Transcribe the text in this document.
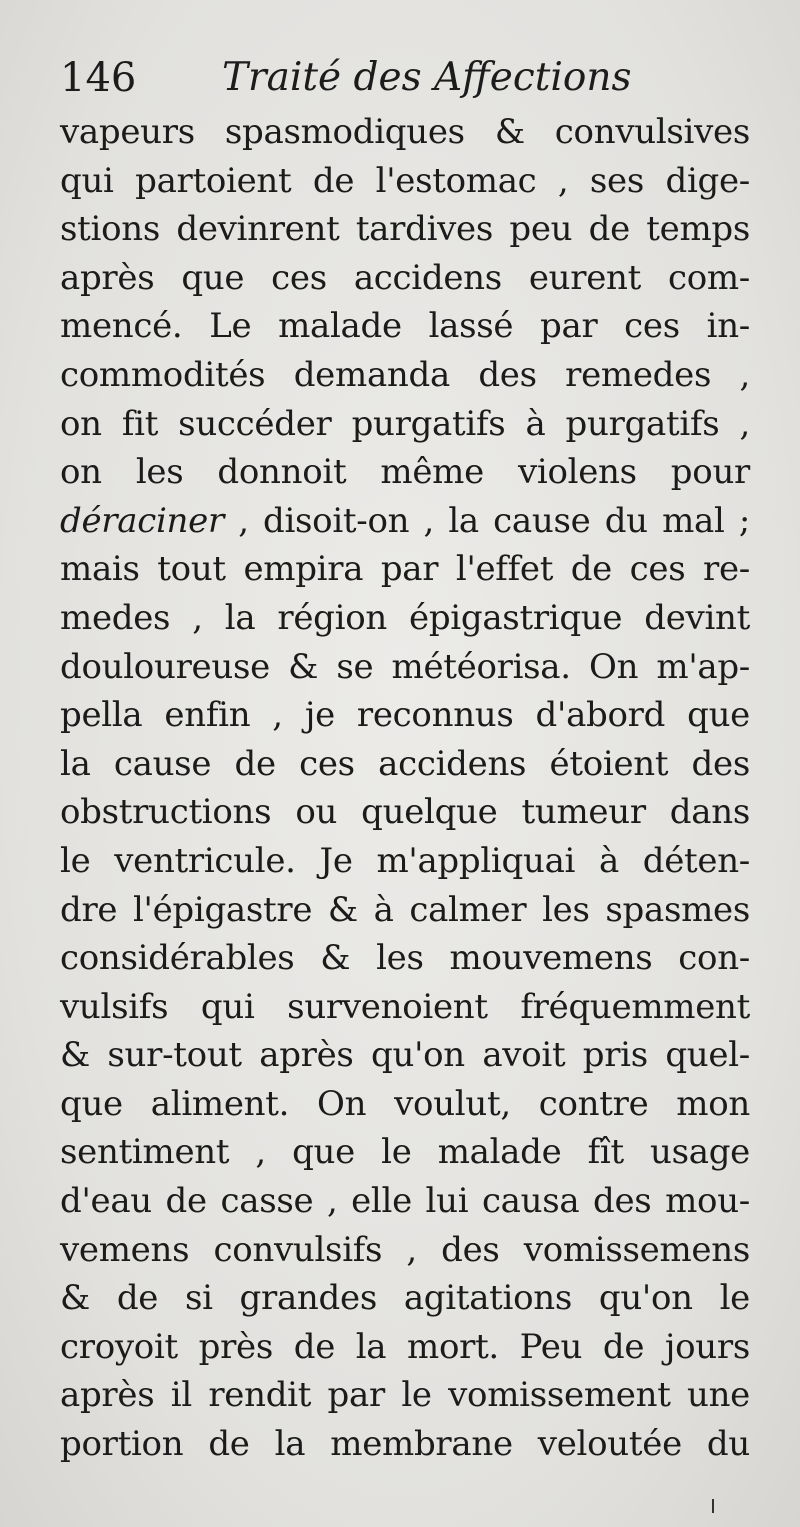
146 Traité des Affections
vapeurs spasmodiques & convulsives
qui partoient de l'estomac , ses dige-
stions devinrent tardives peu de temps
après que ces accidens eurent com-
mencé. Le malade lassé par ces in-
commodités demanda des remedes ,
on fit succéder purgatifs à purgatifs ,
on les donnoit même violens pour
déraciner , disoit-on , la cause du mal ;
mais tout empira par l'effet de ces re-
medes , la région épigastrique devint
douloureuse & se météorisa. On m'ap-
pella enfin , je reconnus d'abord que
la cause de ces accidens étoient des
obstructions ou quelque tumeur dans
le ventricule. Je m'appliquai à déten-
dre l'épigastre & à calmer les spasmes
considérables & les mouvemens con-
vulsifs qui survenoient fréquemment
& sur-tout après qu'on avoit pris quel-
que aliment. On voulut, contre mon
sentiment , que le malade fît usage
d'eau de casse , elle lui causa des mou-
vemens convulsifs , des vomissemens
& de si grandes agitations qu'on le
croyoit près de la mort. Peu de jours
après il rendit par le vomissement une
portion de la membrane veloutée du
